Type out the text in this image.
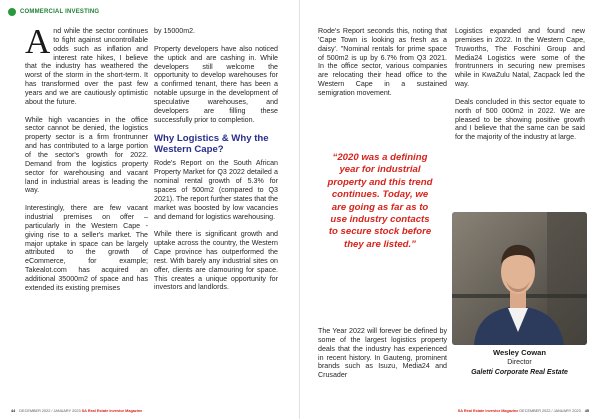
COMMERCIAL INVESTING

And while the sector continues to fight against uncontrollable odds such as inflation and interest rate hikes, I believe that the industry has weathered the worst of the storm in the short-term. It has transformed over the past few years and we are cautiously optimistic about the future.

While high vacancies in the office sector cannot be denied, the logistics property sector is a firm frontrunner and has contributed to a large portion of the sector's growth for 2022. Demand from the logistics property sector for warehousing and vacant land in industrial areas is leading the way.

Interestingly, there are few vacant industrial premises on offer – particularly in the Western Cape - giving rise to a seller's market. The major uptake in space can be largely attributed to the growth of eCommerce, for example; Takealot.com has acquired an additional 35000m2 of space and has extended its existing premises

by 15000m2.

Property developers have also noticed the uptick and are cashing in. While developers still welcome the opportunity to develop warehouses for a confirmed tenant, there has been a notable upsurge in the development of speculative warehouses, and developers are filling these successfully prior to completion.

Why Logistics & Why the Western Cape?

Rode's Report on the South African Property Market for Q3 2022 detailed a nominal rental growth of 5.3% for spaces of 500m2 (compared to Q3 2021). The report further states that the market was boosted by low vacancies and demand for logistics warehousing.

While there is significant growth and uptake across the country, the Western Cape province has outperformed the rest. With barely any industrial sites on offer, clients are clamouring for space. This creates a unique opportunity for investors and landlords.

44 DECEMBER 2022 / JANUARY 2023 SA Real Estate Investor Magazine	SA Real Estate Investor Magazine DECEMBER 2022 / JANUARY 2023 45

Rode's Report seconds this, noting that 'Cape Town is looking as fresh as a daisy'. "Nominal rentals for prime space of 500m2 is up by 6.7% from Q3 2021. In the office sector, various companies are relocating their head office to the Western Cape in a sustained semigration movement.

“2020 was a defining year for industrial property and this trend continues. Today, we are going as far as to use industry contacts to secure stock before they are listed.”

The Year 2022 will forever be defined by some of the largest logistics property deals that the industry has experienced in recent history. In Gauteng, prominent brands such as Isuzu, Media24 and Crusader

Logistics expanded and found new premises in 2022. In the Western Cape, Truworths, The Foschini Group and Media24 Logistics were some of the frontrunners in securing new premises while in KwaZulu Natal, Zacpack led the way.

Deals concluded in this sector equate to north of 500 000m2 in 2022. We are pleased to be showing positive growth and I believe that the same can be said for the majority of the industry at large.

Wesley Cowan
Director
Galetti Corporate Real Estate
